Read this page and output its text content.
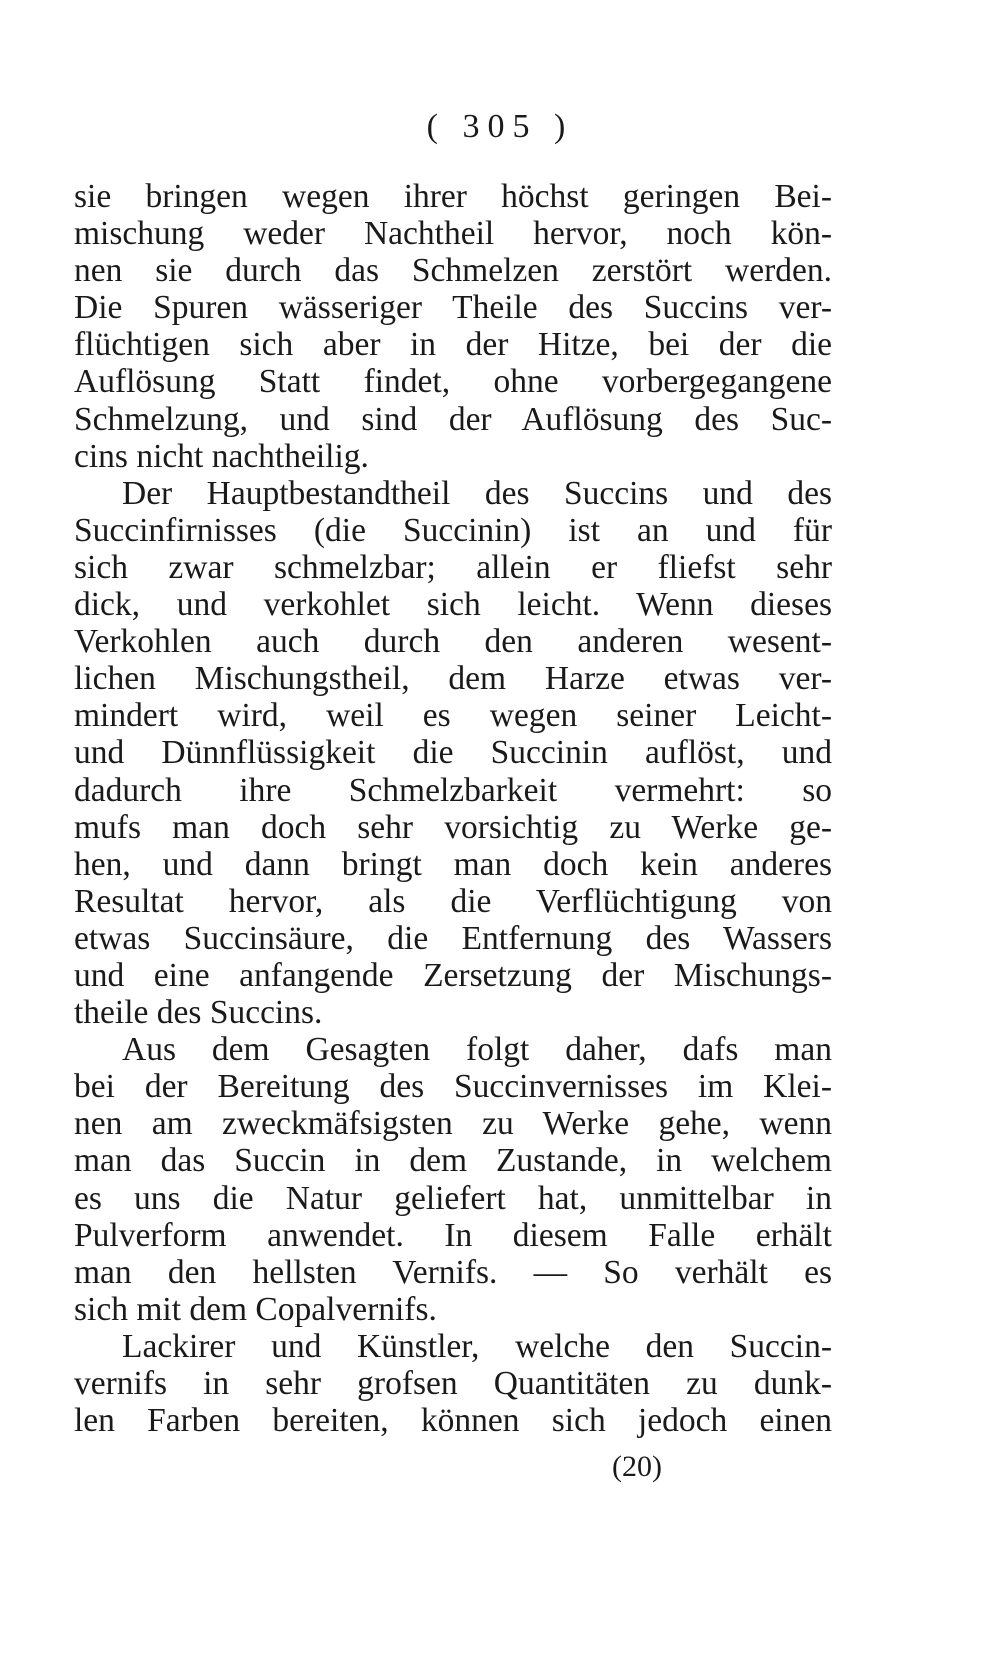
( 305 )
sie bringen wegen ihrer höchst geringen Bei-
mischung weder Nachtheil hervor, noch kön-
nen sie durch das Schmelzen zerstört werden.
Die Spuren wässeriger Theile des Succins ver-
flüchtigen sich aber in der Hitze, bei der die
Auflösung Statt findet, ohne vorbergegangene
Schmelzung, und sind der Auflösung des Suc-
cins nicht nachtheilig.
Der Hauptbestandtheil des Succins und des
Succinfirnisses (die Succinin) ist an und für
sich zwar schmelzbar; allein er fliefst sehr
dick, und verkohlet sich leicht. Wenn dieses
Verkohlen auch durch den anderen wesent-
lichen Mischungstheil, dem Harze etwas ver-
mindert wird, weil es wegen seiner Leicht-
und Dünnflüssigkeit die Succinin auflöst, und
dadurch ihre Schmelzbarkeit vermehrt: so
mufs man doch sehr vorsichtig zu Werke ge-
hen, und dann bringt man doch kein anderes
Resultat hervor, als die Verflüchtigung von
etwas Succinsäure, die Entfernung des Wassers
und eine anfangende Zersetzung der Mischungs-
theile des Succins.
Aus dem Gesagten folgt daher, dafs man
bei der Bereitung des Succinvernisses im Klei-
nen am zweckmäfsigsten zu Werke gehe, wenn
man das Succin in dem Zustande, in welchem
es uns die Natur geliefert hat, unmittelbar in
Pulverform anwendet. In diesem Falle erhält
man den hellsten Vernifs. — So verhält es
sich mit dem Copalvernifs.
Lackirer und Künstler, welche den Succin-
vernifs in sehr grofsen Quantitäten zu dunk-
len Farben bereiten, können sich jedoch einen
(20)
